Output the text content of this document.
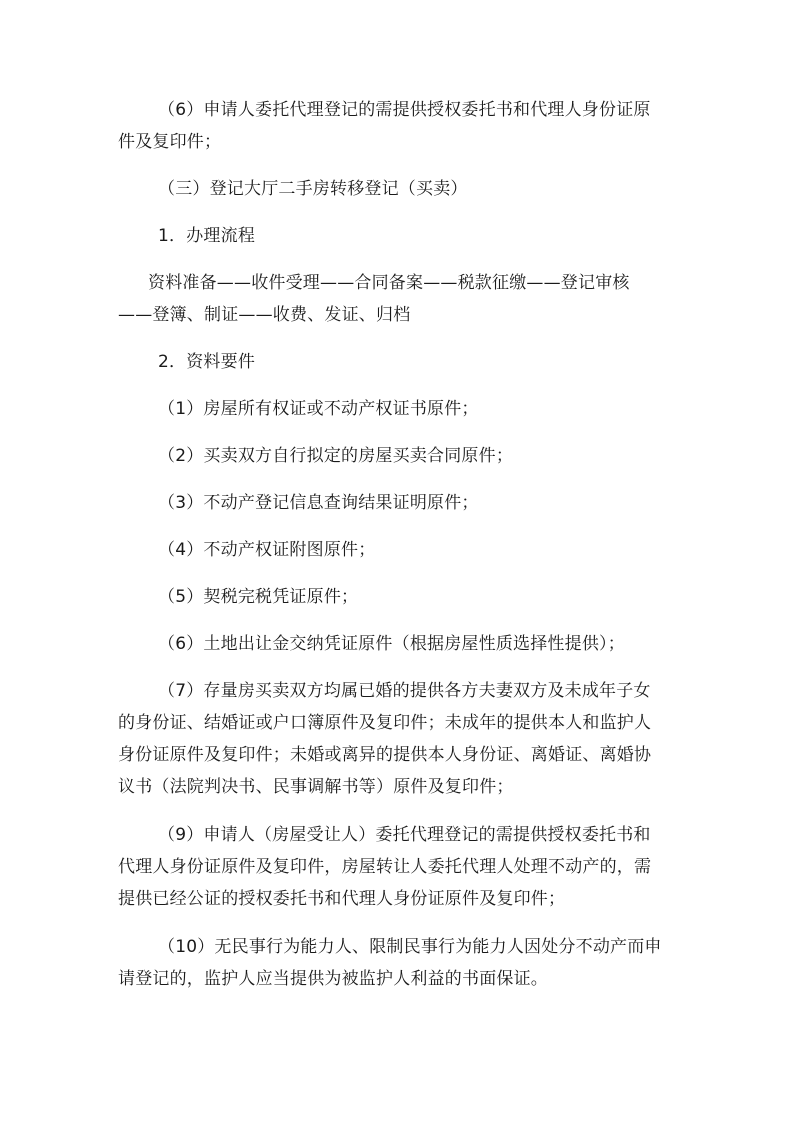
（6）申请人委托代理登记的需提供授权委托书和代理人身份证原件及复印件；

（三）登记大厅二手房转移登记（买卖）

1．办理流程

资料准备——收件受理——合同备案——税款征缴——登记审核——登簿、制证——收费、发证、归档

2．资料要件

（1）房屋所有权证或不动产权证书原件；

（2）买卖双方自行拟定的房屋买卖合同原件；

（3）不动产登记信息查询结果证明原件；

（4）不动产权证附图原件；

（5）契税完税凭证原件；

（6）土地出让金交纳凭证原件（根据房屋性质选择性提供）；

（7）存量房买卖双方均属已婚的提供各方夫妻双方及未成年子女的身份证、结婚证或户口簿原件及复印件；未成年的提供本人和监护人身份证原件及复印件；未婚或离异的提供本人身份证、离婚证、离婚协议书（法院判决书、民事调解书等）原件及复印件；

（9）申请人（房屋受让人）委托代理登记的需提供授权委托书和代理人身份证原件及复印件，房屋转让人委托代理人处理不动产的，需提供已经公证的授权委托书和代理人身份证原件及复印件；

（10）无民事行为能力人、限制民事行为能力人因处分不动产而申请登记的，监护人应当提供为被监护人利益的书面保证。
